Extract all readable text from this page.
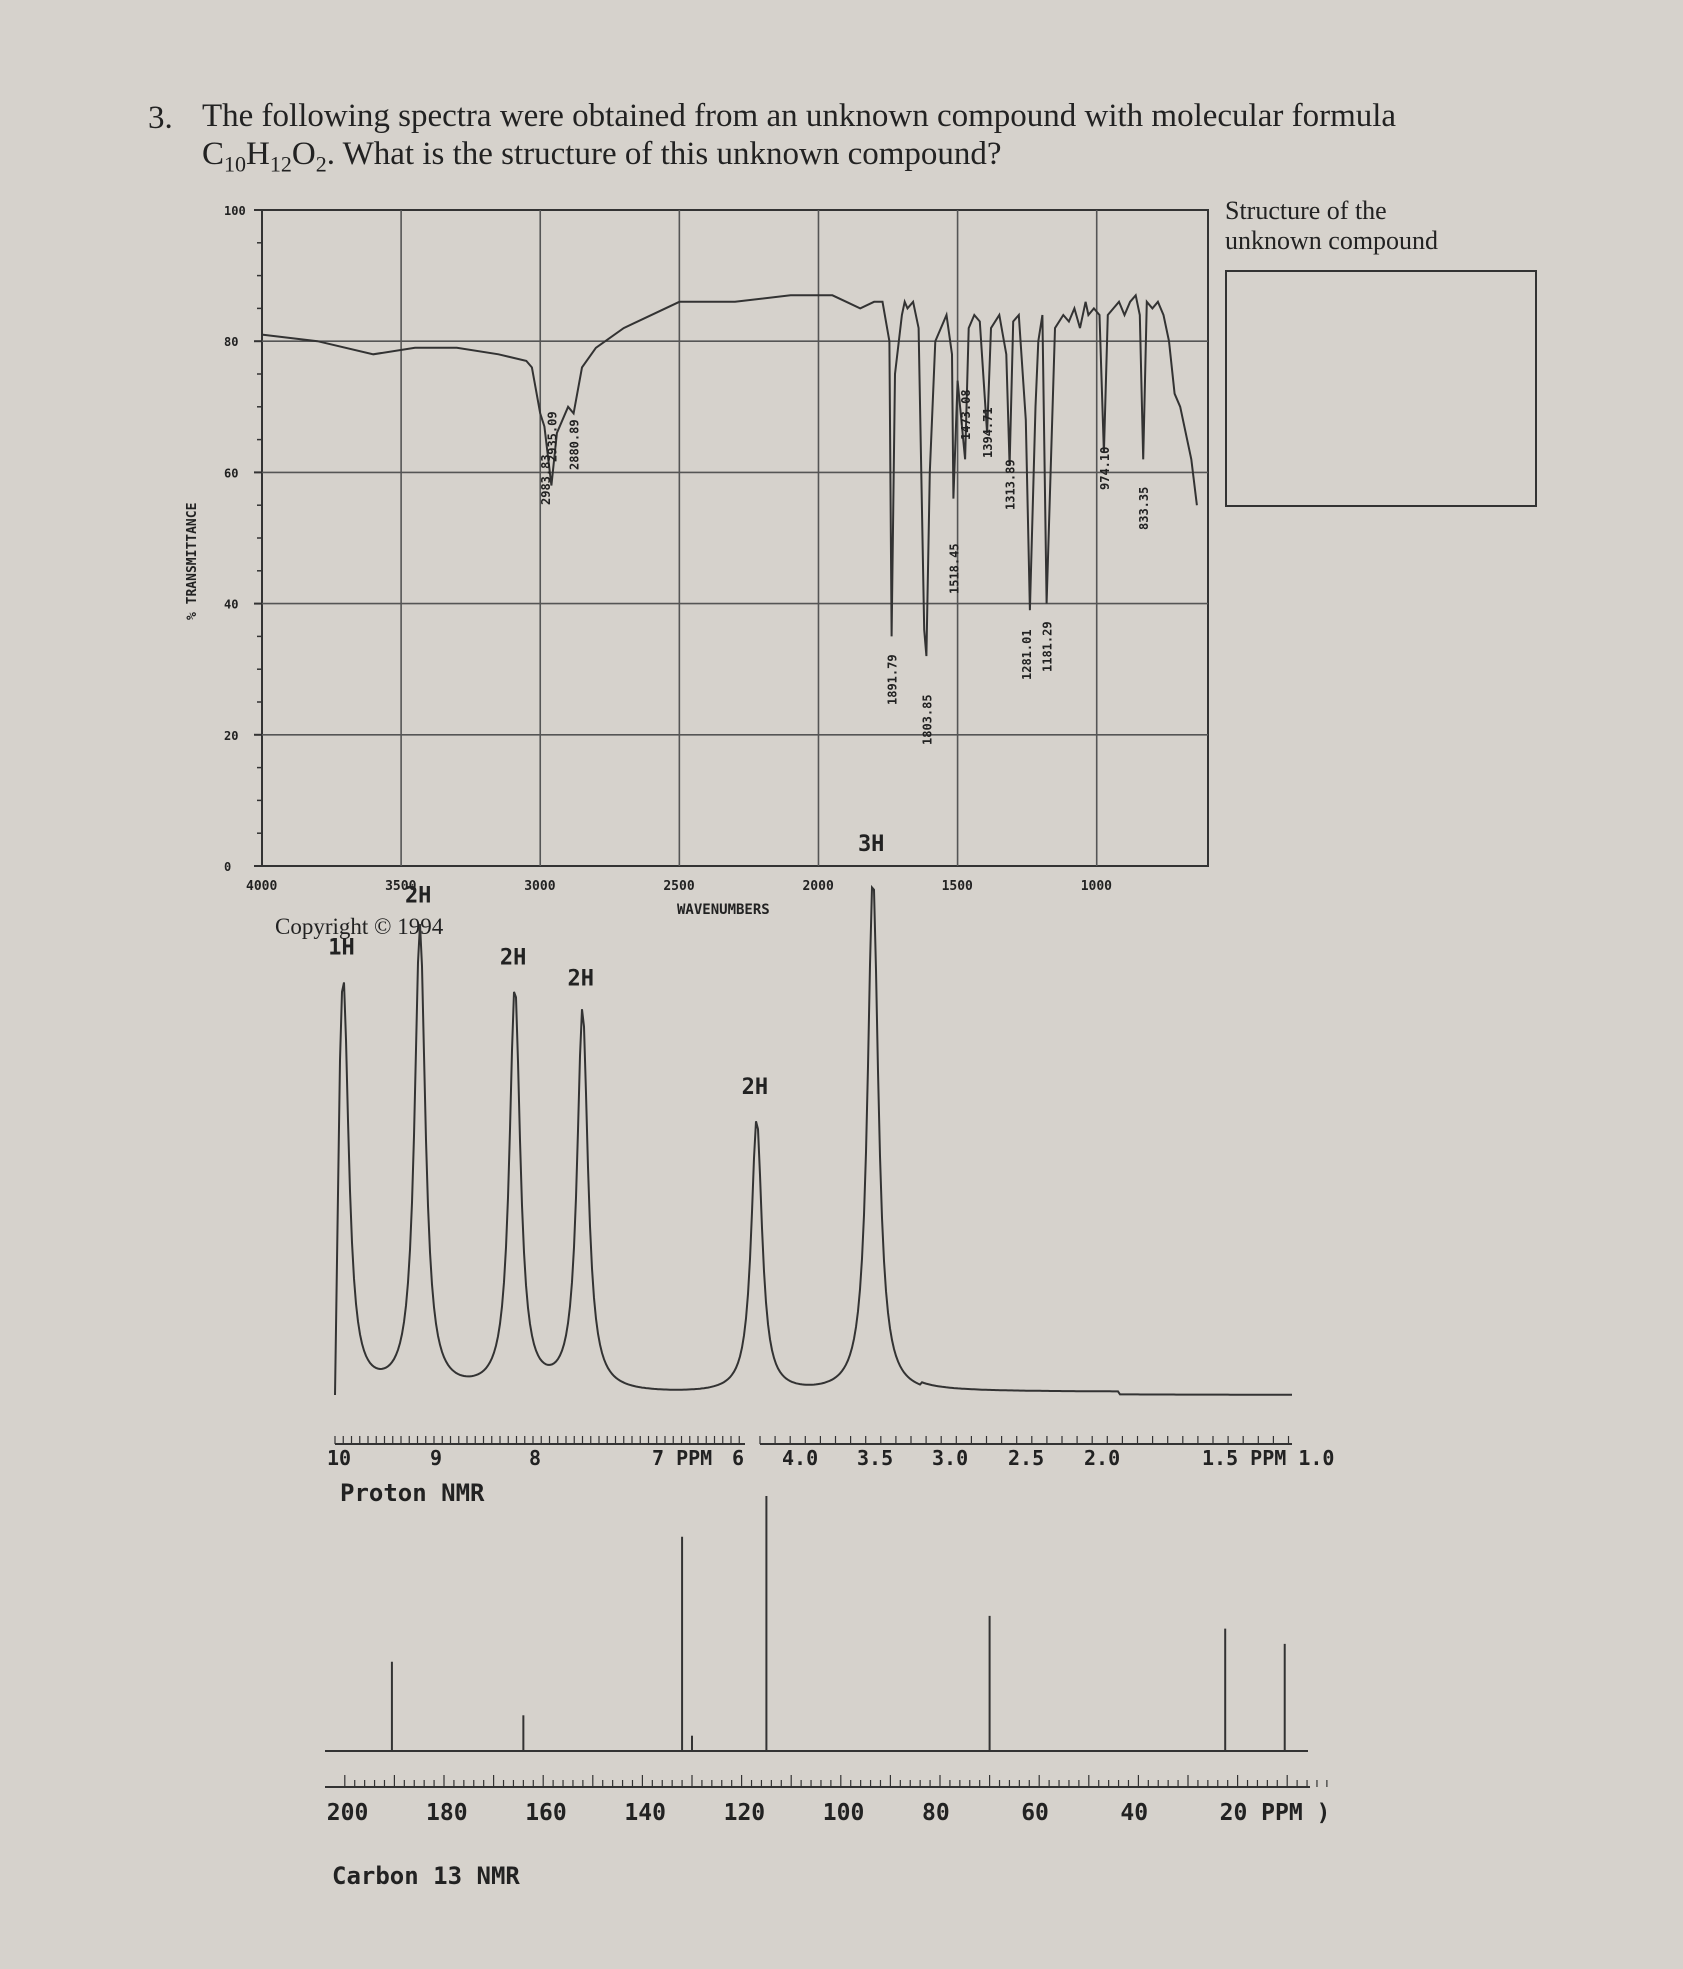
3. The following spectra were obtained from an unknown compound with molecular formula
$C_{10}H_{12}O_2$. What is the structure of this unknown compound?
Structure of the
unknown compound
Copyright © 1994
4000	3500	3000	2500	2000	1500	1000
100
80
60
40
20
0
2983.83
2935.09 2880.89
1891.79
1803.85
1518.45
1473.08 1394.71
1313.89
1281.01 1181.29
974.10
833.35
% TRANSMITTANCE
WAVENUMBERS
1H	2H
2H
2H
2H
3H
10	9	8	7 PPM 6 4.0 3.5 3.0 2.5 2.0	1.5 PPM 1.0
Proton NMR
200	180	160	140	120	100	80	60	40	20 PPM )
Carbon 13 NMR
